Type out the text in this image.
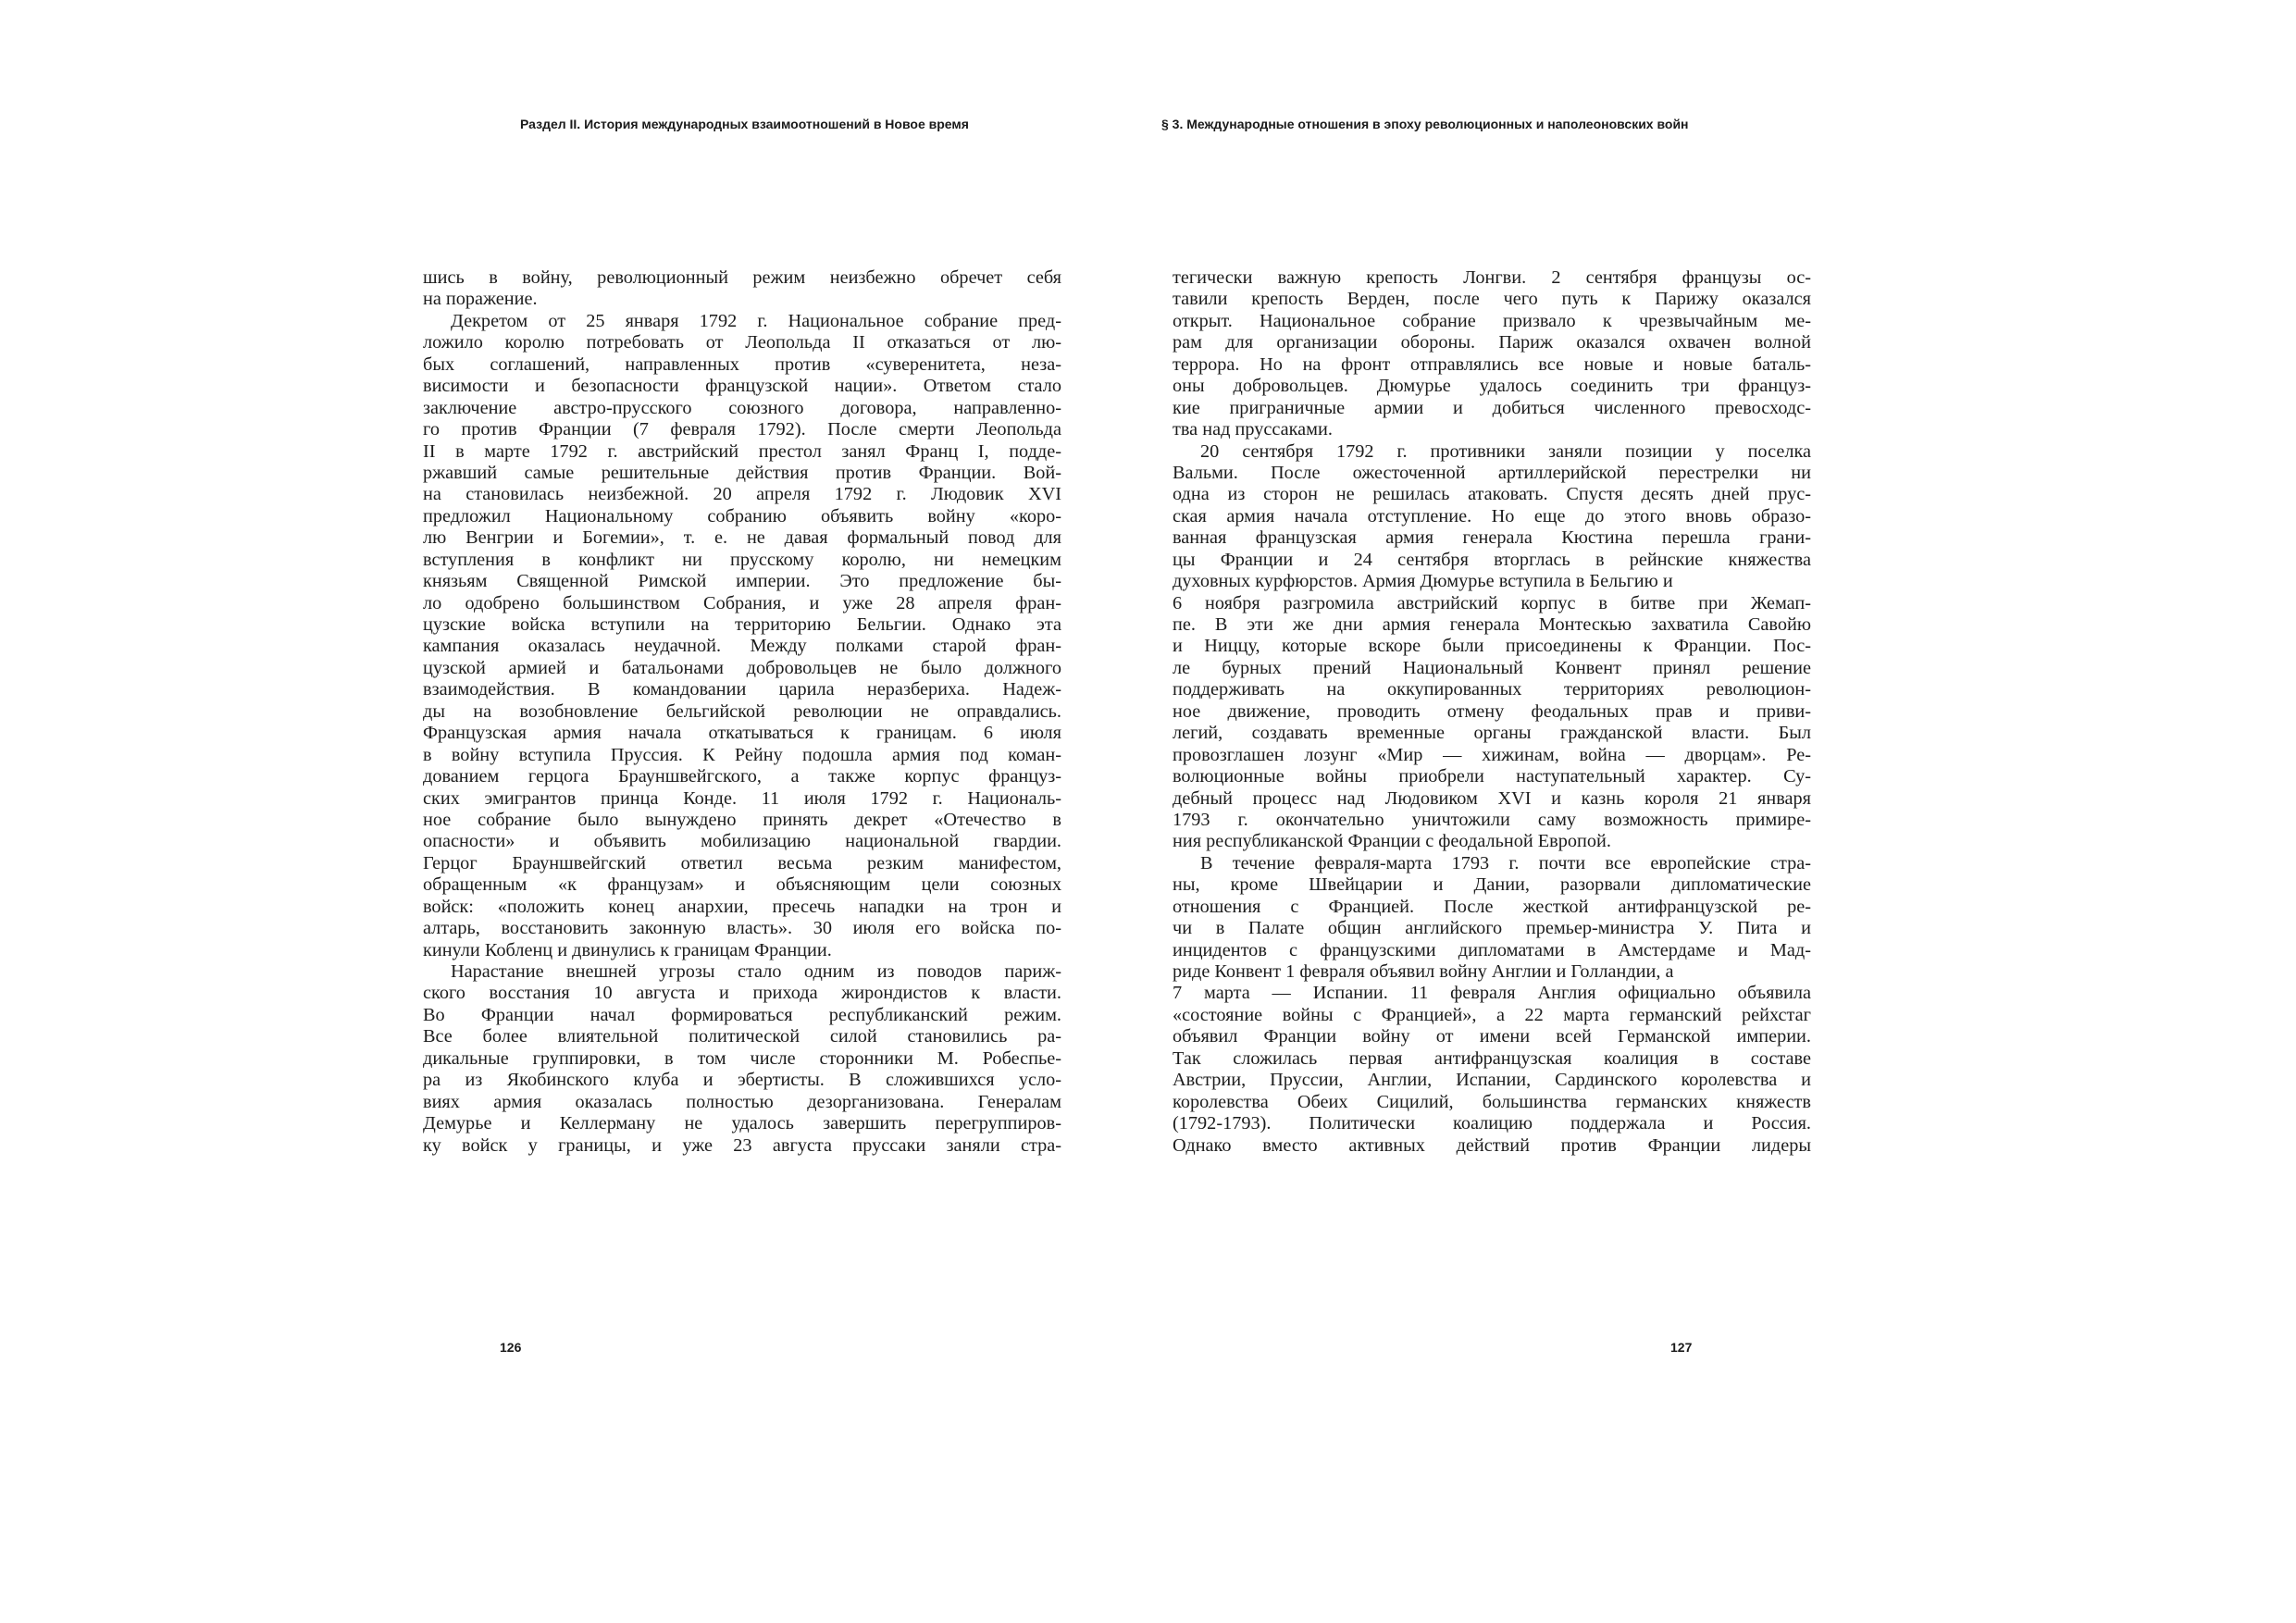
Раздел II. История международных взаимоотношений в Новое время
шись в войну, революционный режим неизбежно обречет себя
на поражение.
Декретом от 25 января 1792 г. Национальное собрание пред-
ложило королю потребовать от Леопольда II отказаться от лю-
бых соглашений, направленных против «суверенитета, неза-
висимости и безопасности французской нации». Ответом стало
заключение австро-прусского союзного договора, направленно-
го против Франции (7 февраля 1792). После смерти Леопольда
II в марте 1792 г. австрийский престол занял Франц I, подде-
ржавший самые решительные действия против Франции. Вой-
на становилась неизбежной. 20 апреля 1792 г. Людовик XVI
предложил Национальному собранию объявить войну «коро-
лю Венгрии и Богемии», т. е. не давая формальный повод для
вступления в конфликт ни прусскому королю, ни немецким
князьям Священной Римской империи. Это предложение бы-
ло одобрено большинством Собрания, и уже 28 апреля фран-
цузские войска вступили на территорию Бельгии. Однако эта
кампания оказалась неудачной. Между полками старой фран-
цузской армией и батальонами добровольцев не было должного
взаимодействия. В командовании царила неразбериха. Надеж-
ды на возобновление бельгийской революции не оправдались.
Французская армия начала откатываться к границам. 6 июля
в войну вступила Пруссия. К Рейну подошла армия под коман-
дованием герцога Брауншвейгского, а также корпус француз-
ских эмигрантов принца Конде. 11 июля 1792 г. Националь-
ное собрание было вынуждено принять декрет «Отечество в
опасности» и объявить мобилизацию национальной гвардии.
Герцог Брауншвейгский ответил весьма резким манифестом,
обращенным «к французам» и объясняющим цели союзных
войск: «положить конец анархии, пресечь нападки на трон и
алтарь, восстановить законную власть». 30 июля его войска по-
кинули Кобленц и двинулись к границам Франции.
Нарастание внешней угрозы стало одним из поводов париж-
ского восстания 10 августа и прихода жирондистов к власти.
Во Франции начал формироваться республиканский режим.
Все более влиятельной политической силой становились ра-
дикальные группировки, в том числе сторонники М. Робеспье-
ра из Якобинского клуба и эбертисты. В сложившихся усло-
виях армия оказалась полностью дезорганизована. Генералам
Демурье и Келлерману не удалось завершить перегруппиров-
ку войск у границы, и уже 23 августа пруссаки заняли стра-
126
§ 3. Международные отношения в эпоху революционных и наполеоновских войн
тегически важную крепость Лонгви. 2 сентября французы ос-
тавили крепость Верден, после чего путь к Парижу оказался
открыт. Национальное собрание призвало к чрезвычайным ме-
рам для организации обороны. Париж оказался охвачен волной
террора. Но на фронт отправлялись все новые и новые баталь-
оны добровольцев. Дюмурье удалось соединить три француз-
кие приграничные армии и добиться численного превосходс-
тва над пруссаками.
20 сентября 1792 г. противники заняли позиции у поселка
Вальми. После ожесточенной артиллерийской перестрелки ни
одна из сторон не решилась атаковать. Спустя десять дней прус-
ская армия начала отступление. Но еще до этого вновь образо-
ванная французская армия генерала Кюстина перешла грани-
цы Франции и 24 сентября вторглась в рейнские княжества
духовных курфюрстов. Армия Дюмурье вступила в Бельгию и
6 ноября разгромила австрийский корпус в битве при Жемап-
пе. В эти же дни армия генерала Монтескью захватила Савойю
и Ниццу, которые вскоре были присоединены к Франции. Пос-
ле бурных прений Национальный Конвент принял решение
поддерживать на оккупированных территориях революцион-
ное движение, проводить отмену феодальных прав и приви-
легий, создавать временные органы гражданской власти. Был
провозглашен лозунг «Мир — хижинам, война — дворцам». Ре-
волюционные войны приобрели наступательный характер. Су-
дебный процесс над Людовиком XVI и казнь короля 21 января
1793 г. окончательно уничтожили саму возможность примире-
ния республиканской Франции с феодальной Европой.
В течение февраля-марта 1793 г. почти все европейские стра-
ны, кроме Швейцарии и Дании, разорвали дипломатические
отношения с Францией. После жесткой антифранцузской ре-
чи в Палате общин английского премьер-министра У. Пита и
инцидентов с французскими дипломатами в Амстердаме и Мад-
риде Конвент 1 февраля объявил войну Англии и Голландии, а
7 марта — Испании. 11 февраля Англия официально объявила
«состояние войны с Францией», а 22 марта германский рейхстаг
объявил Франции войну от имени всей Германской империи.
Так сложилась первая антифранцузская коалиция в составе
Австрии, Пруссии, Англии, Испании, Сардинского королевства и
королевства Обеих Сицилий, большинства германских княжеств
(1792-1793). Политически коалицию поддержала и Россия.
Однако вместо активных действий против Франции лидеры
127
